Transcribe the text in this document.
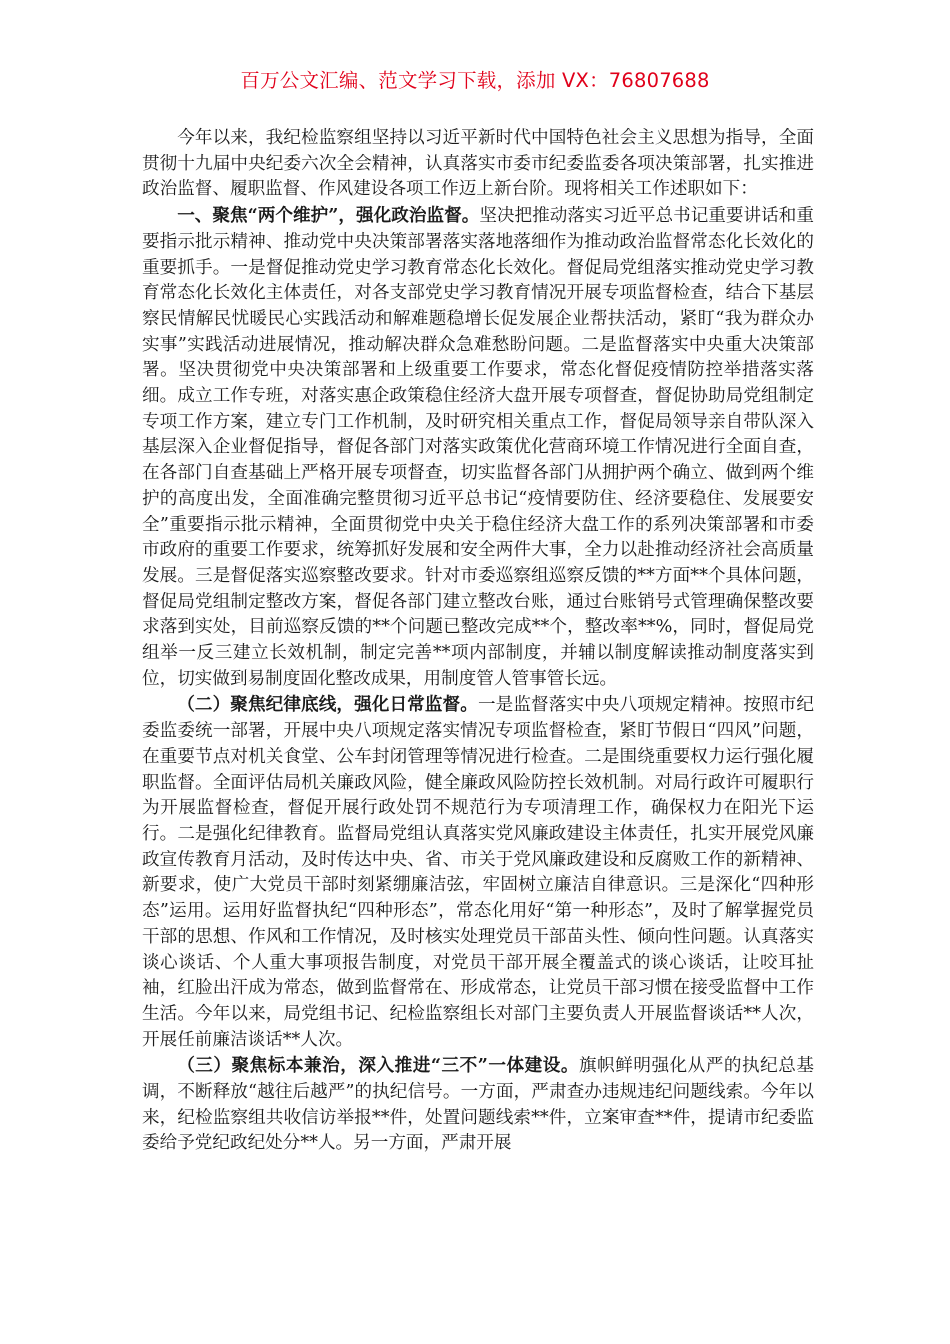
百万公文汇编、范文学习下载，添加 VX：76807688

今年以来，我纪检监察组坚持以习近平新时代中国特色社会主义思想为指导，全面贯彻十九届中央纪委六次全会精神，认真落实市委市纪委监委各项决策部署，扎实推进政治监督、履职监督、作风建设各项工作迈上新台阶。现将相关工作述职如下：

一、聚焦“两个维护”，强化政治监督。坚决把推动落实习近平总书记重要讲话和重要指示批示精神、推动党中央决策部署落实落地落细作为推动政治监督常态化长效化的重要抓手。一是督促推动党史学习教育常态化长效化。督促局党组落实推动党史学习教育常态化长效化主体责任，对各支部党史学习教育情况开展专项监督检查，结合下基层察民情解民忧暖民心实践活动和解难题稳增长促发展企业帮扶活动，紧盯“我为群众办实事”实践活动进展情况，推动解决群众急难愁盼问题。二是监督落实中央重大决策部署。坚决贯彻党中央决策部署和上级重要工作要求，常态化督促疫情防控举措落实落细。成立工作专班，对落实惠企政策稳住经济大盘开展专项督查，督促协助局党组制定专项工作方案，建立专门工作机制，及时研究相关重点工作，督促局领导亲自带队深入基层深入企业督促指导，督促各部门对落实政策优化营商环境工作情况进行全面自查，在各部门自查基础上严格开展专项督查，切实监督各部门从拥护两个确立、做到两个维护的高度出发，全面准确完整贯彻习近平总书记“疫情要防住、经济要稳住、发展要安全”重要指示批示精神，全面贯彻党中央关于稳住经济大盘工作的系列决策部署和市委市政府的重要工作要求，统筹抓好发展和安全两件大事，全力以赴推动经济社会高质量发展。三是督促落实巡察整改要求。针对市委巡察组巡察反馈的**方面**个具体问题，督促局党组制定整改方案，督促各部门建立整改台账，通过台账销号式管理确保整改要求落到实处，目前巡察反馈的**个问题已整改完成**个，整改率**%，同时，督促局党组举一反三建立长效机制，制定完善**项内部制度，并辅以制度解读推动制度落实到位，切实做到易制度固化整改成果，用制度管人管事管长远。

（二）聚焦纪律底线，强化日常监督。一是监督落实中央八项规定精神。按照市纪委监委统一部署，开展中央八项规定落实情况专项监督检查，紧盯节假日“四风”问题，在重要节点对机关食堂、公车封闭管理等情况进行检查。二是围绕重要权力运行强化履职监督。全面评估局机关廉政风险，健全廉政风险防控长效机制。对局行政许可履职行为开展监督检查，督促开展行政处罚不规范行为专项清理工作，确保权力在阳光下运行。二是强化纪律教育。监督局党组认真落实党风廉政建设主体责任，扎实开展党风廉政宣传教育月活动，及时传达中央、省、市关于党风廉政建设和反腐败工作的新精神、新要求，使广大党员干部时刻紧绷廉洁弦，牢固树立廉洁自律意识。三是深化“四种形态”运用。运用好监督执纪“四种形态”，常态化用好“第一种形态”，及时了解掌握党员干部的思想、作风和工作情况，及时核实处理党员干部苗头性、倾向性问题。认真落实谈心谈话、个人重大事项报告制度，对党员干部开展全覆盖式的谈心谈话，让咬耳扯袖，红脸出汗成为常态，做到监督常在、形成常态，让党员干部习惯在接受监督中工作生活。今年以来，局党组书记、纪检监察组长对部门主要负责人开展监督谈话**人次，开展任前廉洁谈话**人次。

（三）聚焦标本兼治，深入推进“三不”一体建设。旗帜鲜明强化从严的执纪总基调，不断释放“越往后越严”的执纪信号。一方面，严肃查办违规违纪问题线索。今年以来，纪检监察组共收信访举报**件，处置问题线索**件，立案审查**件，提请市纪委监委给予党纪政纪处分**人。另一方面，严肃开展
